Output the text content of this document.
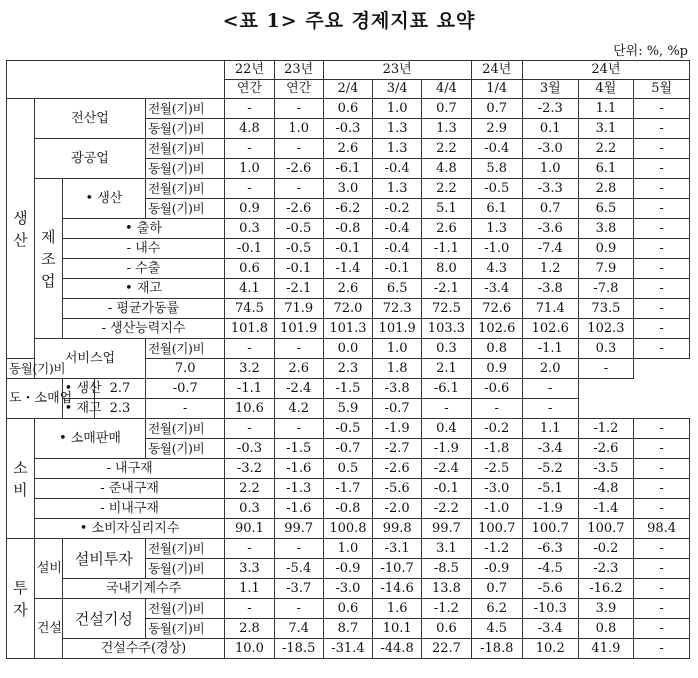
<표 1> 주요 경제지표 요약
단위: %, %p
					22년	23년	23년			24년	24년		
					연간	연간	2/4	3/4	4/4	1/4	3월	4월	5월
생산	전산업			전월(기)비	-	-	0.6	1.0	0.7	0.7	-2.3	1.1	-
				동월(기)비	4.8	1.0	-0.3	1.3	1.3	2.9	0.1	3.1	-
	광공업			전월(기)비	-	-	2.6	1.3	2.2	-0.4	-3.0	2.2	-
				동월(기)비	1.0	-2.6	-6.1	-0.4	4.8	5.8	1.0	6.1	-
	제조업	• 생산		전월(기)비	-	-	3.0	1.3	2.2	-0.5	-3.3	2.8	-
				동월(기)비	0.9	-2.6	-6.2	-0.2	5.1	6.1	0.7	6.5	-
		• 출하			0.3	-0.5	-0.8	-0.4	2.6	1.3	-3.6	3.8	-
		- 내수			-0.1	-0.5	-0.1	-0.4	-1.1	-1.0	-7.4	0.9	-
		- 수출			0.6	-0.1	-1.4	-0.1	8.0	4.3	1.2	7.9	-
		• 재고			4.1	-2.1	2.6	6.5	-2.1	-3.4	-3.8	-7.8	-
		- 평균가동률			74.5	71.9	72.0	72.3	72.5	72.6	71.4	73.5	-
		- 생산능력지수			101.8	101.9	101.3	101.9	103.3	102.6	102.6	102.3	-
	서비스업			전월(기)비	-	-	0.0	1.0	0.3	0.8	-1.1	0.3	-
동월(기)비				7.0	3.2	2.6	2.3	1.8	2.1	0.9	2.0	-	
도・소매업		• 생산	2.7	-0.7	-1.1	-2.4	-1.5	-3.8	-6.1	-0.6	-		
		• 재고	2.3	-	10.6	4.2	5.9	-0.7	-	-	-		
소비	• 소매판매			전월(기)비	-	-	-0.5	-1.9	0.4	-0.2	1.1	-1.2	-
				동월(기)비	-0.3	-1.5	-0.7	-2.7	-1.9	-1.8	-3.4	-2.6	-
	- 내구재				-3.2	-1.6	0.5	-2.6	-2.4	-2.5	-5.2	-3.5	-
	- 준내구재				2.2	-1.3	-1.7	-5.6	-0.1	-3.0	-5.1	-4.8	-
	- 비내구재				0.3	-1.6	-0.8	-2.0	-2.2	-1.0	-1.9	-1.4	-
	• 소비자심리지수				90.1	99.7	100.8	99.8	99.7	100.7	100.7	100.7	98.4
투자	설비	설비투자		전월(기)비	-	-	1.0	-3.1	3.1	-1.2	-6.3	-0.2	-
				동월(기)비	3.3	-5.4	-0.9	-10.7	-8.5	-0.9	-4.5	-2.3	-
		국내기계수주			1.1	-3.7	-3.0	-14.6	13.8	0.7	-5.6	-16.2	-
	건설	건설기성		전월(기)비	-	-	0.6	1.6	-1.2	6.2	-10.3	3.9	-
				동월(기)비	2.8	7.4	8.7	10.1	0.6	4.5	-3.4	0.8	-
		건설수주(경상)			10.0	-18.5	-31.4	-44.8	22.7	-18.8	10.2	41.9	-
